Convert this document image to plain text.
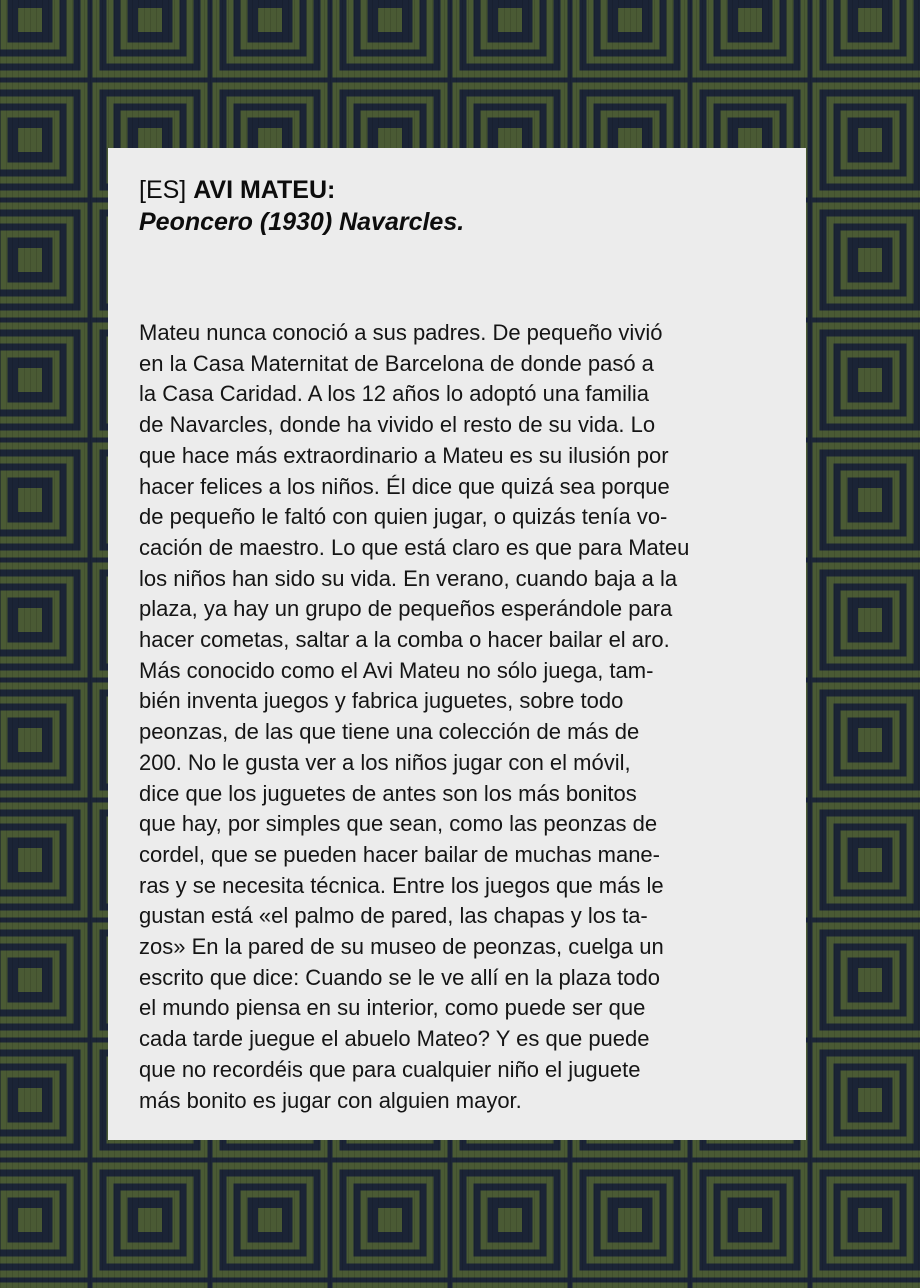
[ES] AVI MATEU:

Peoncero (1930) Navarcles.

Mateu nunca conoció a sus padres. De pequeño vivió
en la Casa Maternitat de Barcelona de donde pasó a
la Casa Caridad. A los 12 años lo adoptó una familia
de Navarcles, donde ha vivido el resto de su vida. Lo
que hace más extraordinario a Mateu es su ilusión por
hacer felices a los niños. Él dice que quizá sea porque
de pequeño le faltó con quien jugar, o quizás tenía vo-
cación de maestro. Lo que está claro es que para Mateu
los niños han sido su vida. En verano, cuando baja a la
plaza, ya hay un grupo de pequeños esperándole para
hacer cometas, saltar a la comba o hacer bailar el aro.
Más conocido como el Avi Mateu no sólo juega, tam-
bién inventa juegos y fabrica juguetes, sobre todo
peonzas, de las que tiene una colección de más de
200. No le gusta ver a los niños jugar con el móvil,
dice que los juguetes de antes son los más bonitos
que hay, por simples que sean, como las peonzas de
cordel, que se pueden hacer bailar de muchas mane-
ras y se necesita técnica. Entre los juegos que más le
gustan está «el palmo de pared, las chapas y los ta-
zos» En la pared de su museo de peonzas, cuelga un
escrito que dice: Cuando se le ve allí en la plaza todo
el mundo piensa en su interior, como puede ser que
cada tarde juegue el abuelo Mateo? Y es que puede
que no recordéis que para cualquier niño el juguete
más bonito es jugar con alguien mayor.
